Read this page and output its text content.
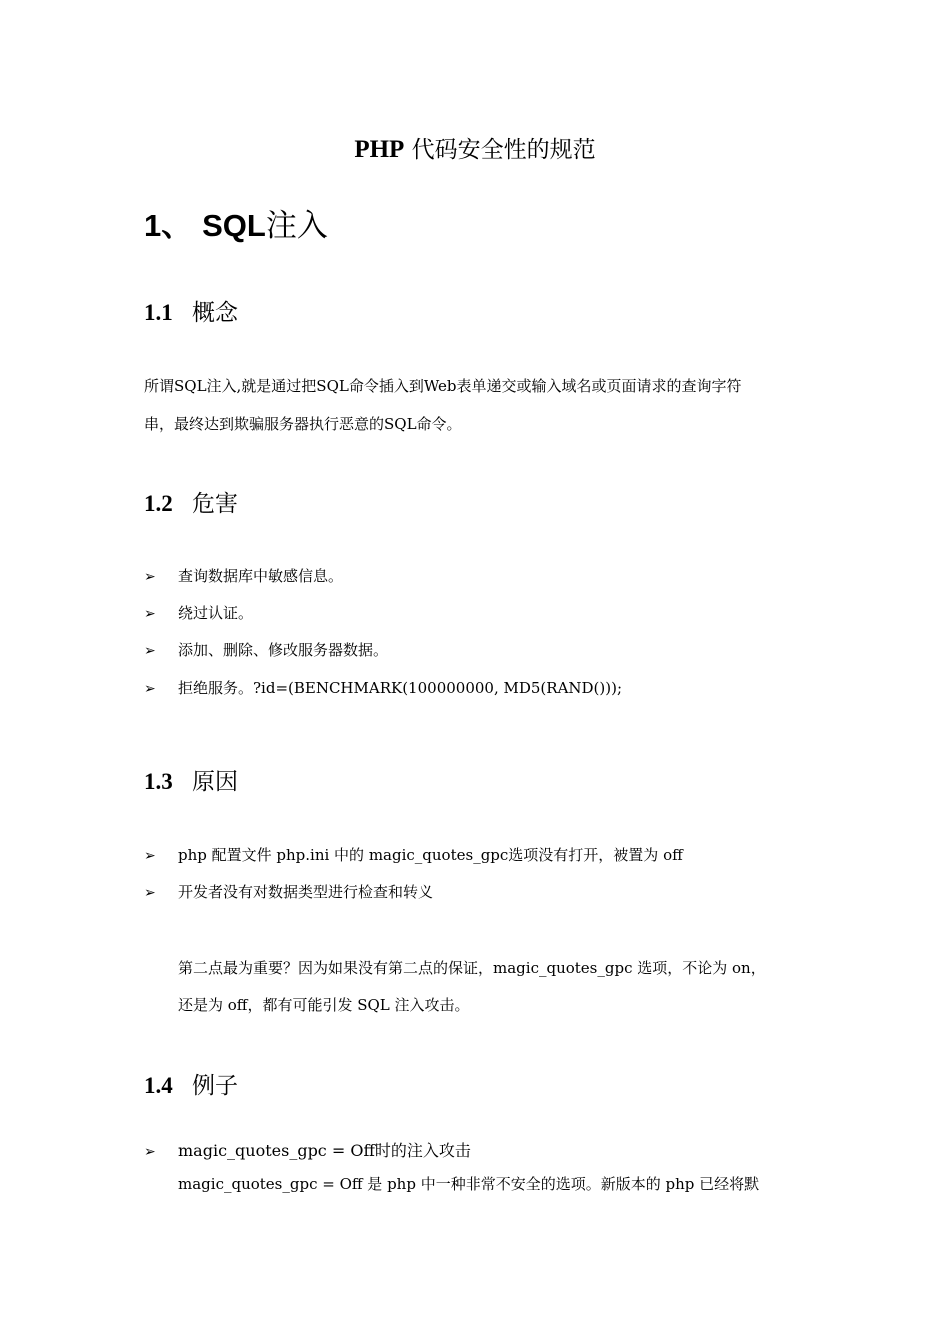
PHP 代码安全性的规范
1、 SQL注入
1.1 概念
所谓SQL注入,就是通过把SQL命令插入到Web表单递交或输入域名或页面请求的查询字符
串，最终达到欺骗服务器执行恶意的SQL命令。
1.2 危害
➢ 查询数据库中敏感信息。
➢ 绕过认证。
➢ 添加、删除、修改服务器数据。
➢ 拒绝服务。?id=(BENCHMARK(100000000, MD5(RAND()));
1.3 原因
➢ php 配置文件 php.ini 中的 magic_quotes_gpc选项没有打开，被置为 off
➢ 开发者没有对数据类型进行检查和转义
第二点最为重要？因为如果没有第二点的保证，magic_quotes_gpc 选项，不论为 on，
还是为 off，都有可能引发 SQL 注入攻击。
1.4 例子
➢ magic_quotes_gpc = Off时的注入攻击
magic_quotes_gpc = Off 是 php 中一种非常不安全的选项。新版本的 php 已经将默
